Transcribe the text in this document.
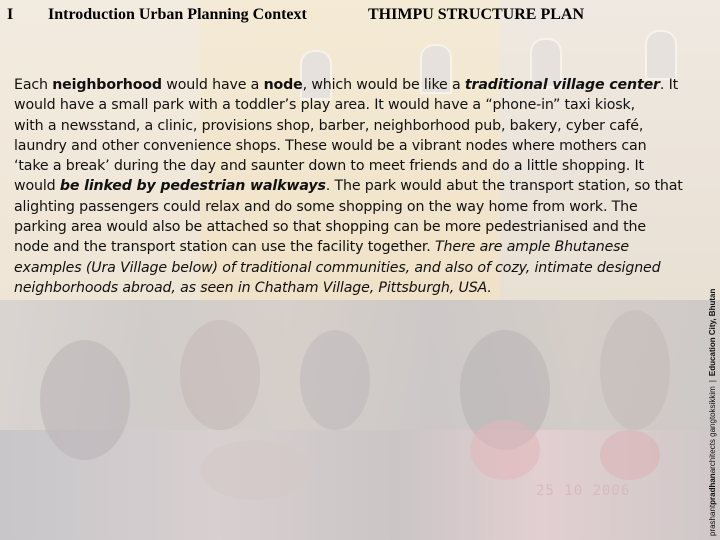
25 10 2006
I Introduction Urban Planning Context	THIMPU STRUCTURE PLAN
Each neighborhood would have a node, which would be like a traditional village center. It
would have a small park with a toddler’s play area. It would have a “phone-in” taxi kiosk,
with a newsstand, a clinic, provisions shop, barber, neighborhood pub, bakery, cyber café,
laundry and other convenience shops. These would be a vibrant nodes where mothers can
‘take a break’ during the day and saunter down to meet friends and do a little shopping. It
would be linked by pedestrian walkways. The park would abut the transport station, so that
alighting passengers could relax and do some shopping on the way home from work. The
parking area would also be attached so that shopping can be more pedestrianised and the
node and the transport station can use the facility together. There are ample Bhutanese
examples (Ura Village below) of traditional communities, and also of cozy, intimate designed
neighborhoods abroad, as seen in Chatham Village, Pittsburgh, USA.
prashantpradhanarchitects gangtoksikkim|Education City, Bhutan
